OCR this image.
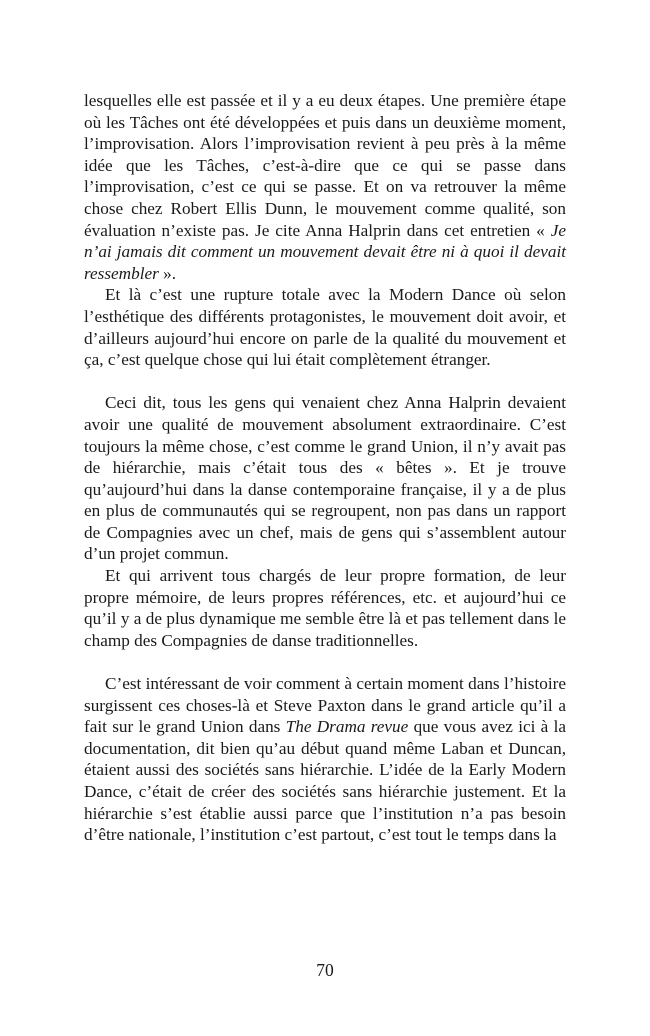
lesquelles elle est passée et il y a eu deux étapes. Une première étape où les Tâches ont été développées et puis dans un deuxième moment, l’improvisation. Alors l’improvisation revient à peu près à la même idée que les Tâches, c’est-à-dire que ce qui se passe dans l’improvisation, c’est ce qui se passe. Et on va retrouver la même chose chez Robert Ellis Dunn, le mouvement comme qualité, son évaluation n’existe pas. Je cite Anna Halprin dans cet entretien « Je n’ai jamais dit comment un mouvement devait être ni à quoi il devait ressembler ».

Et là c’est une rupture totale avec la Modern Dance où selon l’esthétique des différents protagonistes, le mouvement doit avoir, et d’ailleurs aujourd’hui encore on parle de la qualité du mouvement et ça, c’est quelque chose qui lui était complètement étranger.

Ceci dit, tous les gens qui venaient chez Anna Halprin devaient avoir une qualité de mouvement absolument extraordinaire. C’est toujours la même chose, c’est comme le grand Union, il n’y avait pas de hiérarchie, mais c’était tous des « bêtes ». Et je trouve qu’aujourd’hui dans la danse contemporaine française, il y a de plus en plus de communautés qui se regroupent, non pas dans un rapport de Compagnies avec un chef, mais de gens qui s’assemblent autour d’un projet commun.

Et qui arrivent tous chargés de leur propre formation, de leur propre mémoire, de leurs propres références, etc. et aujourd’hui ce qu’il y a de plus dynamique me semble être là et pas tellement dans le champ des Compagnies de danse traditionnelles.

C’est intéressant de voir comment à certain moment dans l’histoire surgissent ces choses-là et Steve Paxton dans le grand article qu’il a fait sur le grand Union dans The Drama revue que vous avez ici à la documentation, dit bien qu’au début quand même Laban et Duncan, étaient aussi des sociétés sans hiérarchie. L’idée de la Early Modern Dance, c’était de créer des sociétés sans hiérarchie justement. Et la hiérarchie s’est établie aussi parce que l’institution n’a pas besoin d’être nationale, l’institution c’est partout, c’est tout le temps dans la

70
